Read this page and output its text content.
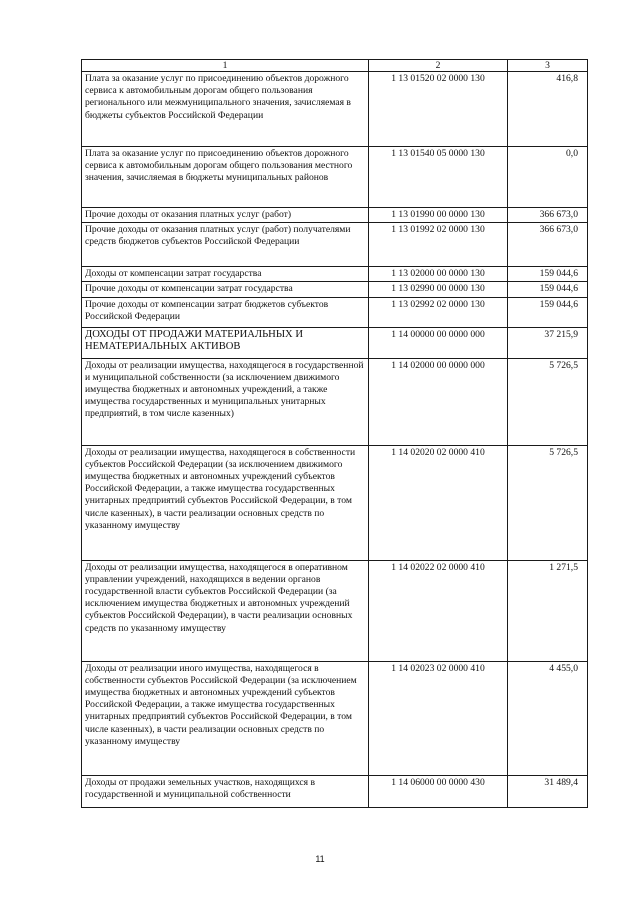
1	2	3
Плата за оказание услуг по присоединению объектов дорожного сервиса к автомобильным дорогам общего пользования регионального или межмуниципального значения, зачисляемая в бюджеты субъектов Российской Федерации	1 13 01520 02 0000 130	416,8
Плата за оказание услуг по присоединению объектов дорожного сервиса к автомобильным дорогам общего пользования местного значения, зачисляемая в бюджеты муниципальных районов	1 13 01540 05 0000 130	0,0
Прочие доходы от оказания платных услуг (работ)	1 13 01990 00 0000 130	366 673,0
Прочие доходы от оказания платных услуг (работ) получателями средств бюджетов субъектов Российской Федерации	1 13 01992 02 0000 130	366 673,0
Доходы от компенсации затрат государства	1 13 02000 00 0000 130	159 044,6
Прочие доходы от компенсации затрат государства	1 13 02990 00 0000 130	159 044,6
Прочие доходы от компенсации затрат бюджетов субъектов Российской Федерации	1 13 02992 02 0000 130	159 044,6
ДОХОДЫ ОТ ПРОДАЖИ МАТЕРИАЛЬНЫХ И НЕМАТЕРИАЛЬНЫХ АКТИВОВ	1 14 00000 00 0000 000	37 215,9
Доходы от реализации имущества, находящегося в государственной и муниципальной собственности (за исключением движимого имущества бюджетных и автономных учреждений, а также имущества государственных и муниципальных унитарных предприятий, в том числе казенных)	1 14 02000 00 0000 000	5 726,5
Доходы от реализации имущества, находящегося в собственности субъектов Российской Федерации (за исключением движимого имущества бюджетных и автономных учреждений субъектов Российской Федерации, а также имущества государственных унитарных предприятий субъектов Российской Федерации, в том числе казенных), в части реализации основных средств по указанному имуществу	1 14 02020 02 0000 410	5 726,5
Доходы от реализации имущества, находящегося в оперативном управлении учреждений, находящихся в ведении органов государственной власти субъектов Российской Федерации (за исключением имущества бюджетных и автономных учреждений субъектов Российской Федерации), в части реализации основных средств по указанному имуществу	1 14 02022 02 0000 410	1 271,5
Доходы от реализации иного имущества, находящегося в собственности субъектов Российской Федерации (за исключением имущества бюджетных и автономных учреждений субъектов Российской Федерации, а также имущества государственных унитарных предприятий субъектов Российской Федерации, в том числе казенных), в части реализации основных средств по указанному имуществу	1 14 02023 02 0000 410	4 455,0
Доходы от продажи земельных участков, находящихся в государственной и муниципальной собственности	1 14 06000 00 0000 430	31 489,4
11
